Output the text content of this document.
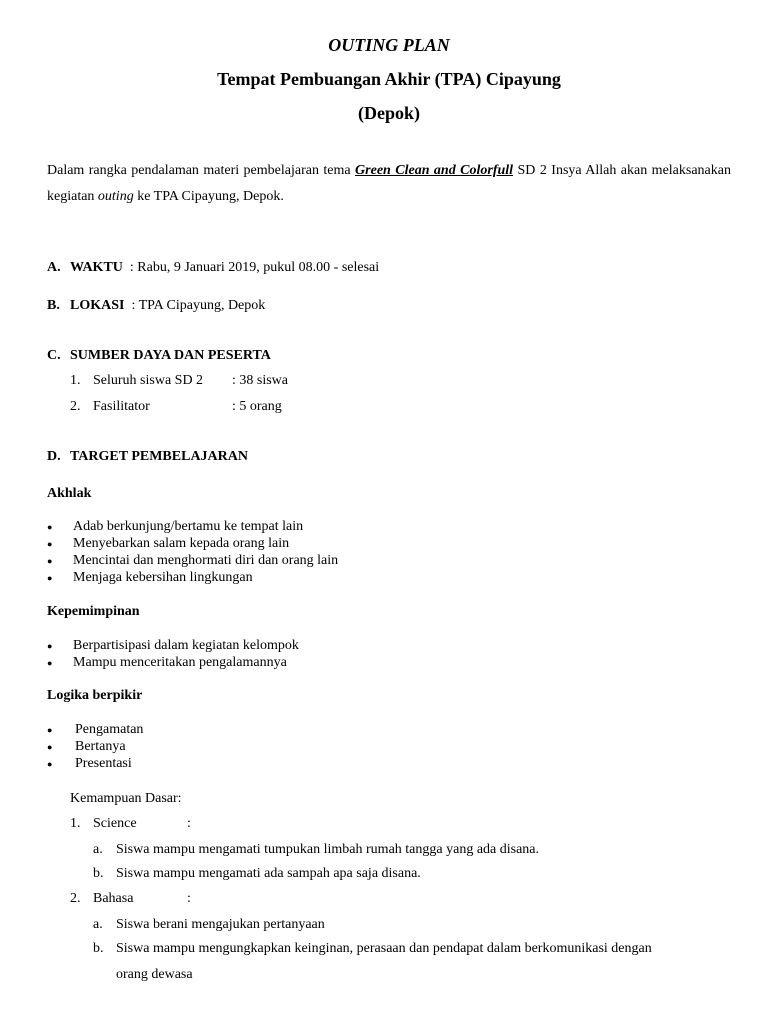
OUTING PLAN
Tempat Pembuangan Akhir (TPA) Cipayung
(Depok)
Dalam rangka pendalaman materi pembelajaran tema Green Clean and Colorfull SD 2 Insya Allah akan melaksanakan kegiatan outing ke TPA Cipayung, Depok.
A. WAKTU : Rabu, 9 Januari 2019, pukul 08.00 - selesai
B. LOKASI : TPA Cipayung, Depok
C. SUMBER DAYA DAN PESERTA
1. Seluruh siswa SD 2 : 38 siswa
2. Fasilitator	: 5 orang
D. TARGET PEMBELAJARAN
Akhlak
● Adab berkunjung/bertamu ke tempat lain
● Menyebarkan salam kepada orang lain
● Mencintai dan menghormati diri dan orang lain
● Menjaga kebersihan lingkungan
Kepemimpinan
● Berpartisipasi dalam kegiatan kelompok
● Mampu menceritakan pengalamannya
Logika berpikir
● Pengamatan
● Bertanya
● Presentasi
Kemampuan Dasar:
1. Science	:
a. Siswa mampu mengamati tumpukan limbah rumah tangga yang ada disana.
b. Siswa mampu mengamati ada sampah apa saja disana.
2. Bahasa	:
a. Siswa berani mengajukan pertanyaan
b. Siswa mampu mengungkapkan keinginan, perasaan dan pendapat dalam berkomunikasi dengan
orang dewasa
